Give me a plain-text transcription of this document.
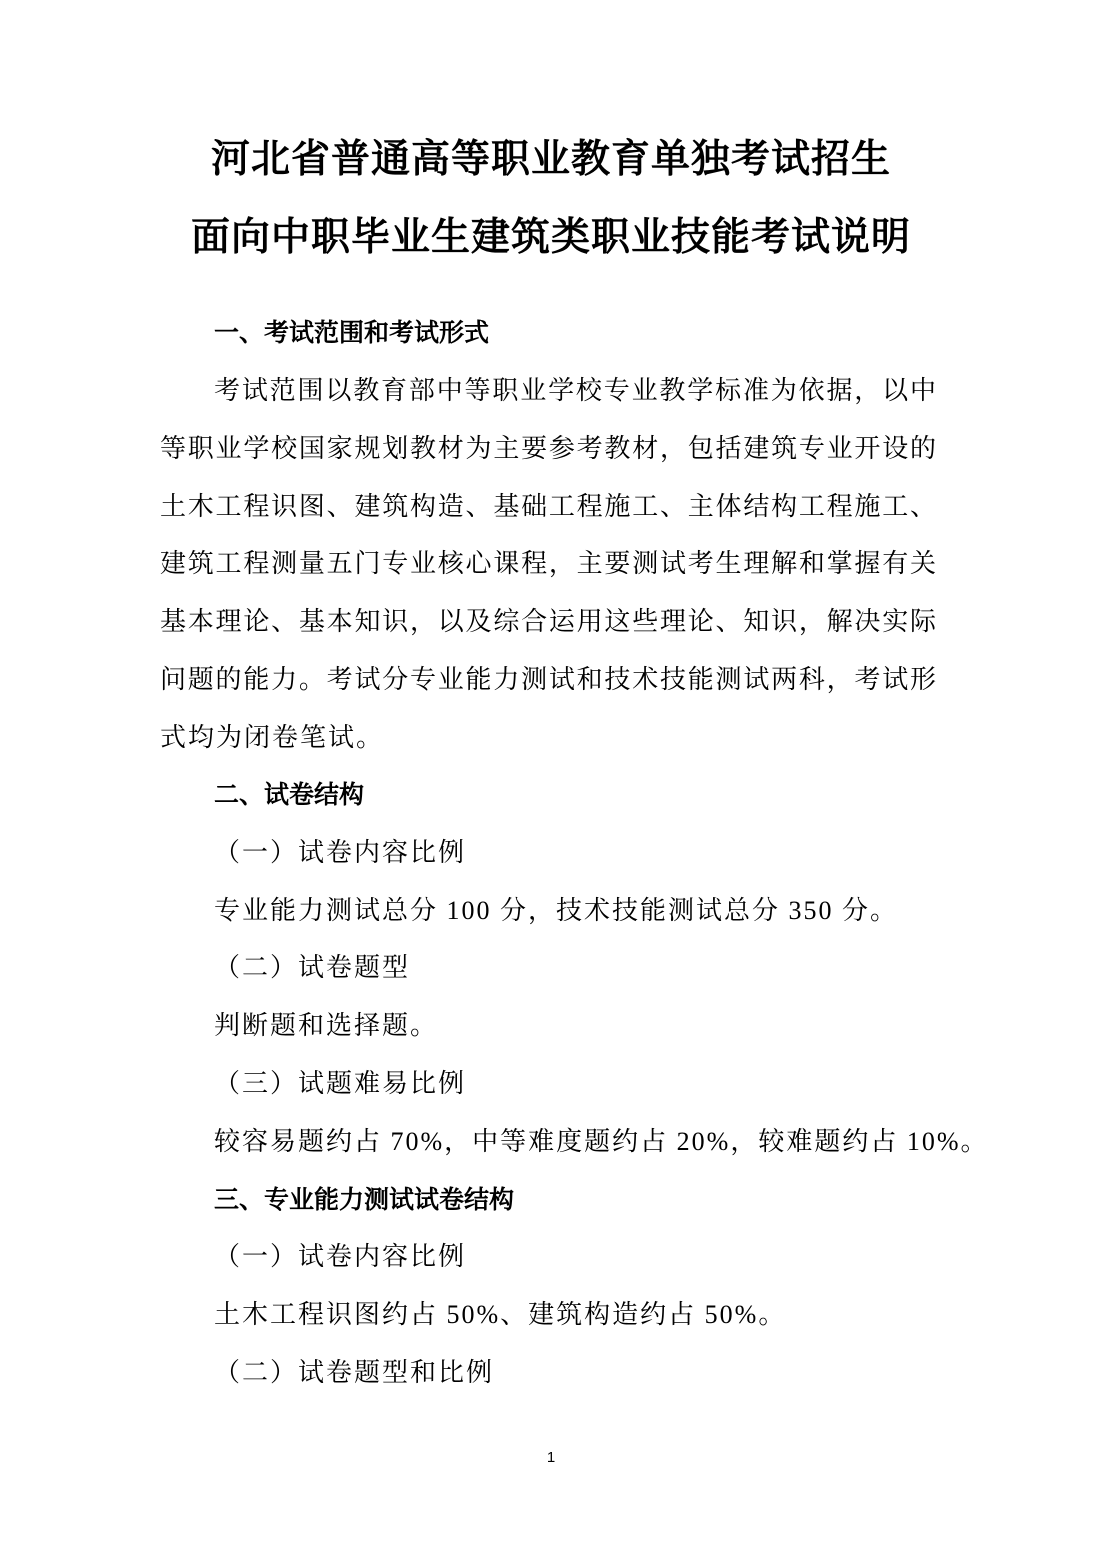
河北省普通高等职业教育单独考试招生
面向中职毕业生建筑类职业技能考试说明
一、考试范围和考试形式
考试范围以教育部中等职业学校专业教学标准为依据，以中
等职业学校国家规划教材为主要参考教材，包括建筑专业开设的
土木工程识图、建筑构造、基础工程施工、主体结构工程施工、
建筑工程测量五门专业核心课程，主要测试考生理解和掌握有关
基本理论、基本知识，以及综合运用这些理论、知识，解决实际
问题的能力。考试分专业能力测试和技术技能测试两科，考试形
式均为闭卷笔试。
二、试卷结构
（一）试卷内容比例
专业能力测试总分 100 分，技术技能测试总分 350 分。
（二）试卷题型
判断题和选择题。
（三）试题难易比例
较容易题约占 70%，中等难度题约占 20%，较难题约占 10%。
三、专业能力测试试卷结构
（一）试卷内容比例
土木工程识图约占 50%、建筑构造约占 50%。
（二）试卷题型和比例
1
